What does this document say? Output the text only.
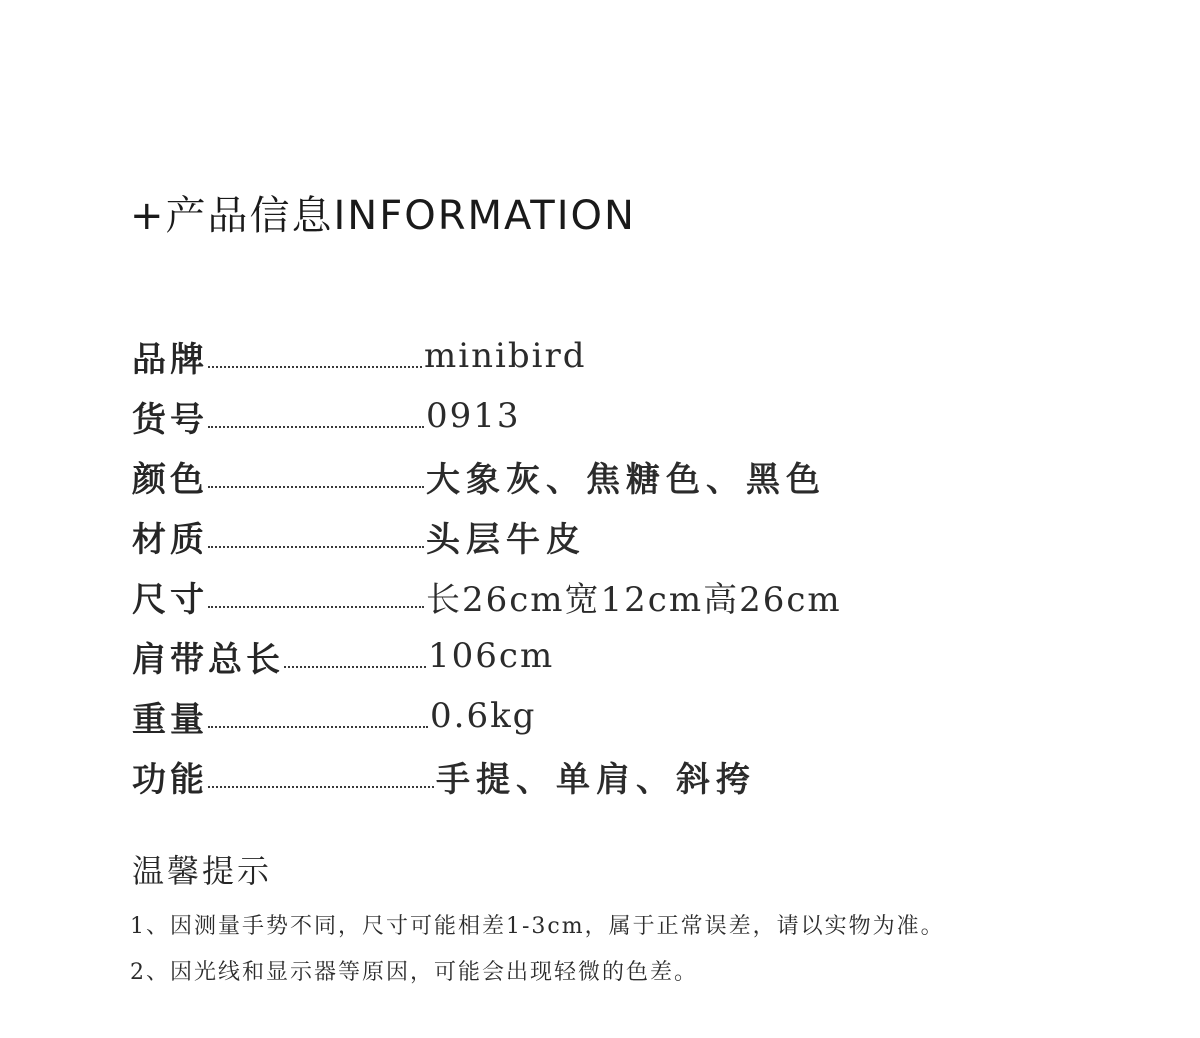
+产品信息INFORMATION
品牌	minibird
货号	0913
颜色	大象灰、焦糖色、黑色
材质	头层牛皮
尺寸	长26cm宽12cm高26cm
肩带总长	106cm
重量	0.6kg
功能	手提、单肩、斜挎
温馨提示
1、因测量手势不同，尺寸可能相差1-3cm，属于正常误差，请以实物为准。
2、因光线和显示器等原因，可能会出现轻微的色差。
